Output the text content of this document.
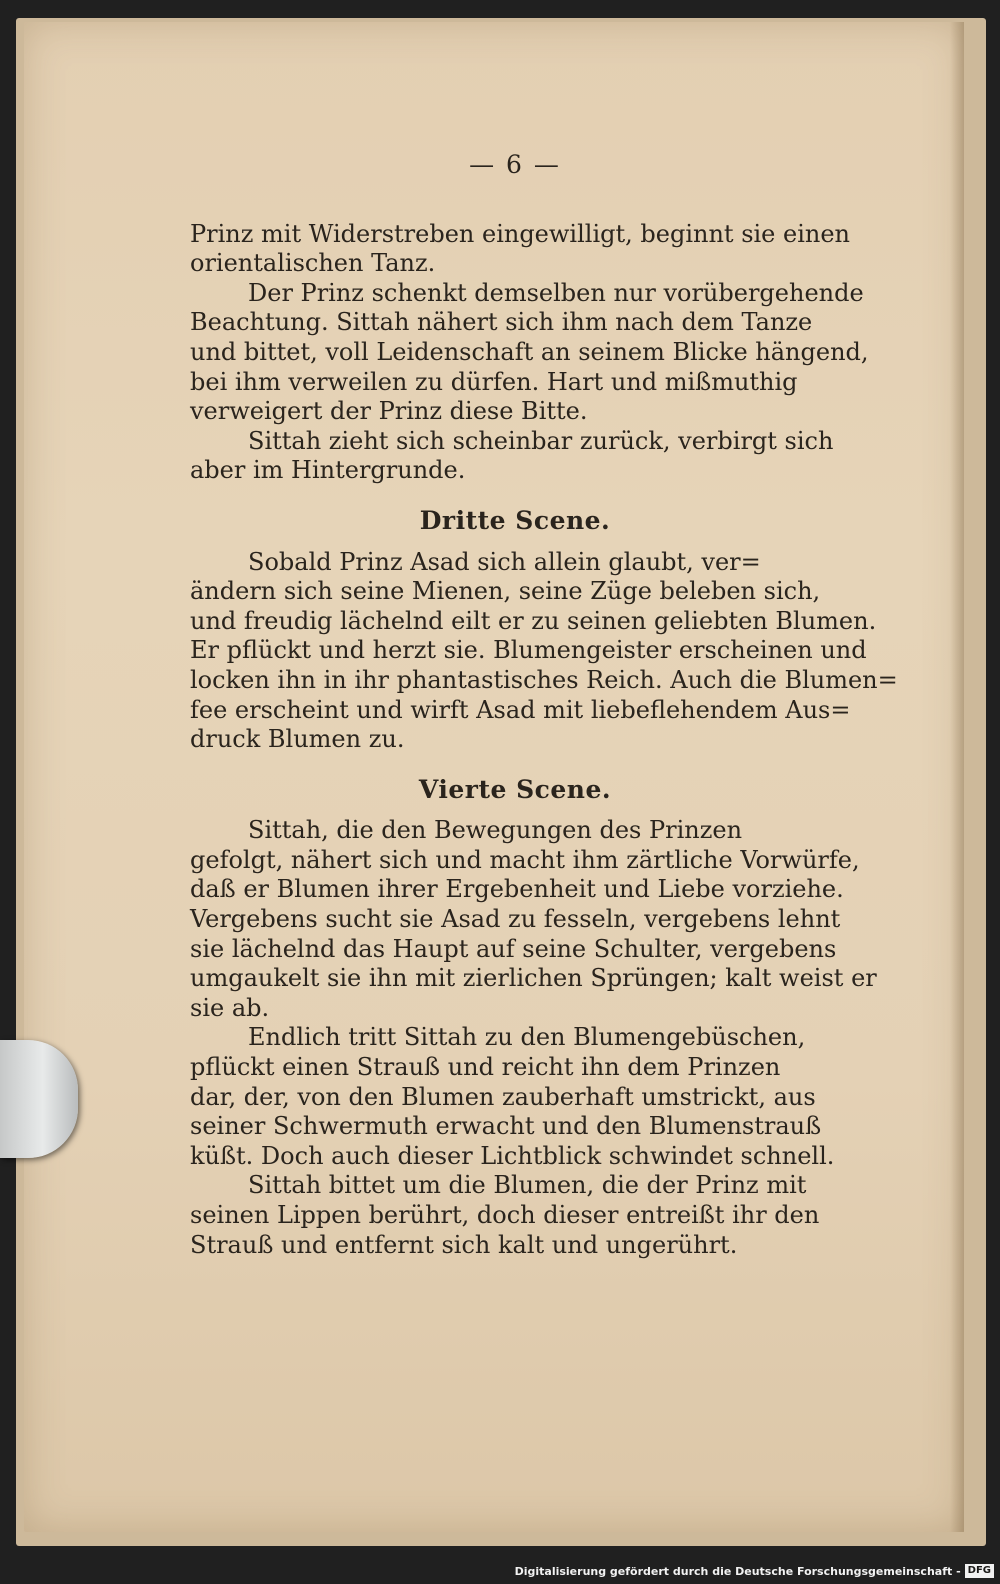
— 6 —

Prinz mit Widerstreben eingewilligt, beginnt sie einen
orientalischen Tanz.

Der Prinz schenkt demselben nur vorübergehende
Beachtung. Sittah nähert sich ihm nach dem Tanze
und bittet, voll Leidenschaft an seinem Blicke hängend,
bei ihm verweilen zu dürfen. Hart und mißmuthig
verweigert der Prinz diese Bitte.

Sittah zieht sich scheinbar zurück, verbirgt sich
aber im Hintergrunde.

Dritte Scene.

Sobald Prinz Asad sich allein glaubt, ver=
ändern sich seine Mienen, seine Züge beleben sich,
und freudig lächelnd eilt er zu seinen geliebten Blumen.
Er pflückt und herzt sie. Blumengeister erscheinen und
locken ihn in ihr phantastisches Reich. Auch die Blumen=
fee erscheint und wirft Asad mit liebeflehendem Aus=
druck Blumen zu.

Vierte Scene.

Sittah, die den Bewegungen des Prinzen
gefolgt, nähert sich und macht ihm zärtliche Vorwürfe,
daß er Blumen ihrer Ergebenheit und Liebe vorziehe.
Vergebens sucht sie Asad zu fesseln, vergebens lehnt
sie lächelnd das Haupt auf seine Schulter, vergebens
umgaukelt sie ihn mit zierlichen Sprüngen; kalt weist er
sie ab.

Endlich tritt Sittah zu den Blumengebüschen,
pflückt einen Strauß und reicht ihn dem Prinzen
dar, der, von den Blumen zauberhaft umstrickt, aus
seiner Schwermuth erwacht und den Blumenstrauß
küßt. Doch auch dieser Lichtblick schwindet schnell.

Sittah bittet um die Blumen, die der Prinz mit
seinen Lippen berührt, doch dieser entreißt ihr den
Strauß und entfernt sich kalt und ungerührt.

Digitalisierung gefördert durch die Deutsche Forschungsgemeinschaft - DFG
